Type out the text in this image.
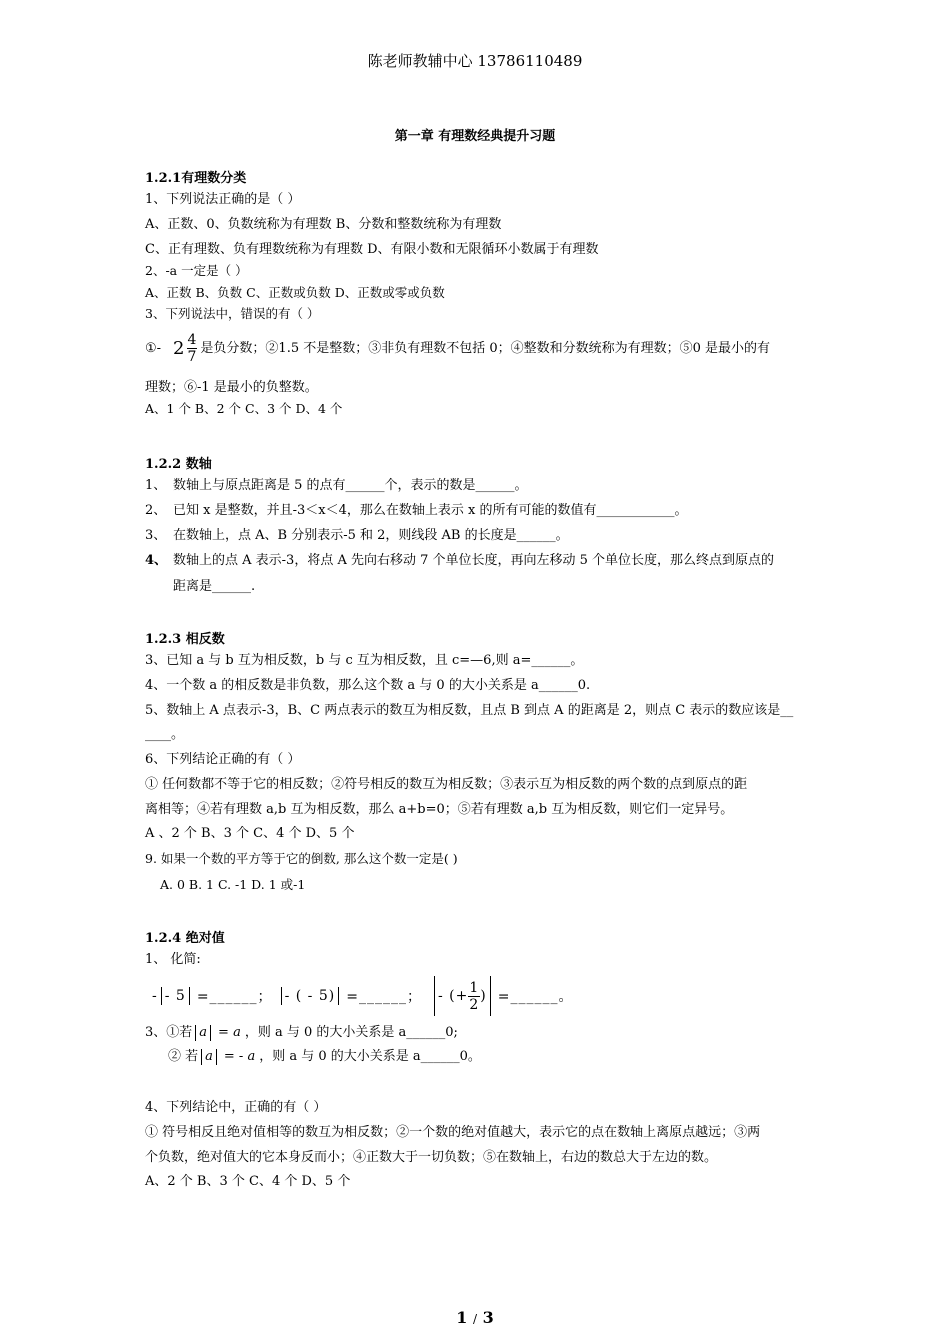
陈老师教辅中心 13786110489
第一章 有理数经典提升习题
1.2.1有理数分类
1、下列说法正确的是（ ）
A、正数、0、负数统称为有理数 B、分数和整数统称为有理数
C、正有理数、负有理数统称为有理数 D、有限小数和无限循环小数属于有理数
2、-a 一定是（ ）
A、正数 B、负数 C、正数或负数 D、正数或零或负数
3、下列说法中，错误的有（ ）
①- $2 \frac{4}{7}$ 是负分数；②1.5 不是整数；③非负有理数不包括 0；④整数和分数统称为有理数；⑤0 是最小的有
理数；⑥-1 是最小的负整数。
A、1 个 B、2 个 C、3 个 D、4 个
1.2.2 数轴
1、 数轴上与原点距离是 5 的点有______个，表示的数是______。
2、 已知 x 是整数，并且-3＜x＜4，那么在数轴上表示 x 的所有可能的数值有____________。
3、 在数轴上，点 A、B 分别表示-5 和 2，则线段 AB 的长度是______。
4、 数轴上的点 A 表示-3，将点 A 先向右移动 7 个单位长度，再向左移动 5 个单位长度，那么终点到原点的
距离是______.
1.2.3 相反数
3、已知 a 与 b 互为相反数，b 与 c 互为相反数，且 c=—6,则 a=______。
4、一个数 a 的相反数是非负数，那么这个数 a 与 0 的大小关系是 a______0.
5、数轴上 A 点表示-3，B、C 两点表示的数互为相反数，且点 B 到点 A 的距离是 2，则点 C 表示的数应该是__
____。
6、下列结论正确的有（ ）
① 任何数都不等于它的相反数；②符号相反的数互为相反数；③表示互为相反数的两个数的点到原点的距
离相等；④若有理数 a,b 互为相反数，那么 a+b=0；⑤若有理数 a,b 互为相反数，则它们一定异号。
A 、2 个 B、3 个 C、4 个 D、5 个
9. 如果一个数的平方等于它的倒数, 那么这个数一定是( )
A. 0 B. 1 C. -1 D. 1 或-1
1.2.4 绝对值
1、 化简:
- - 5 =______； - ( - 5) =______； - (+ $\frac{1}{2}$ ) =______。
3、①若 a = a ，则 a 与 0 的大小关系是 a______0;
② 若 a = - a ，则 a 与 0 的大小关系是 a______0。
4、下列结论中，正确的有（ ）
① 符号相反且绝对值相等的数互为相反数；②一个数的绝对值越大，表示它的点在数轴上离原点越远；③两
个负数，绝对值大的它本身反而小；④正数大于一切负数；⑤在数轴上，右边的数总大于左边的数。
A、2 个 B、3 个 C、4 个 D、5 个
1 / 3
